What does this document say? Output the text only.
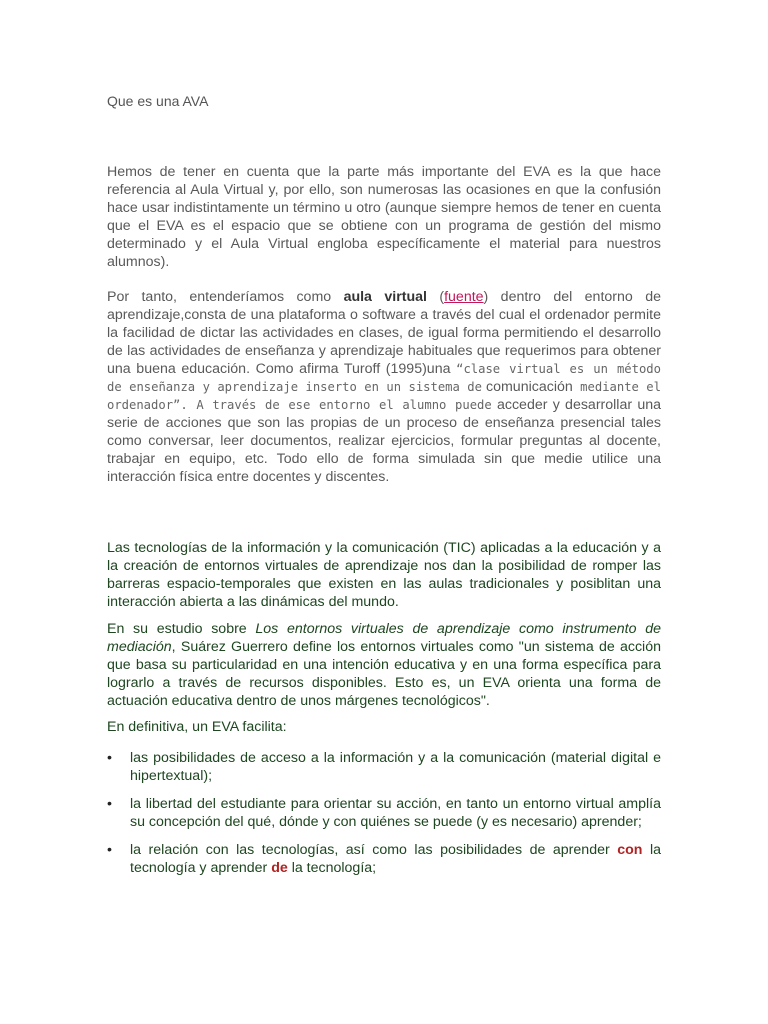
Que es una AVA

Hemos de tener en cuenta que la parte más importante del EVA es la que hace referencia al Aula Virtual y, por ello, son numerosas las ocasiones en que la confusión hace usar indistintamente un término u otro (aunque siempre hemos de tener en cuenta que el EVA es el espacio que se obtiene con un programa de gestión del mismo determinado y el Aula Virtual engloba específicamente el material para nuestros alumnos).

Por tanto, entenderíamos como aula virtual (fuente) dentro del entorno de aprendizaje,consta de una plataforma o software a través del cual el ordenador permite la facilidad de dictar las actividades en clases, de igual forma permitiendo el desarrollo de las actividades de enseñanza y aprendizaje habituales que requerimos para obtener una buena educación. Como afirma Turoff (1995)una “clase virtual es un método de enseñanza y aprendizaje inserto en un sistema de comunicación mediante el ordenador”. A través de ese entorno el alumno puede acceder y desarrollar una serie de acciones que son las propias de un proceso de enseñanza presencial tales como conversar, leer documentos, realizar ejercicios, formular preguntas al docente, trabajar en equipo, etc. Todo ello de forma simulada sin que medie utilice una interacción física entre docentes y discentes.

Las tecnologías de la información y la comunicación (TIC) aplicadas a la educación y a la creación de entornos virtuales de aprendizaje nos dan la posibilidad de romper las barreras espacio-temporales que existen en las aulas tradicionales y posiblitan una interacción abierta a las dinámicas del mundo.

En su estudio sobre Los entornos virtuales de aprendizaje como instrumento de mediación, Suárez Guerrero define los entornos virtuales como "un sistema de acción que basa su particularidad en una intención educativa y en una forma específica para lograrlo a través de recursos disponibles. Esto es, un EVA orienta una forma de actuación educativa dentro de unos márgenes tecnológicos".

En definitiva, un EVA facilita:

• las posibilidades de acceso a la información y a la comunicación (material digital e hipertextual);
• la libertad del estudiante para orientar su acción, en tanto un entorno virtual amplía su concepción del qué, dónde y con quiénes se puede (y es necesario) aprender;
• la relación con las tecnologías, así como las posibilidades de aprender con la tecnología y aprender de la tecnología;
